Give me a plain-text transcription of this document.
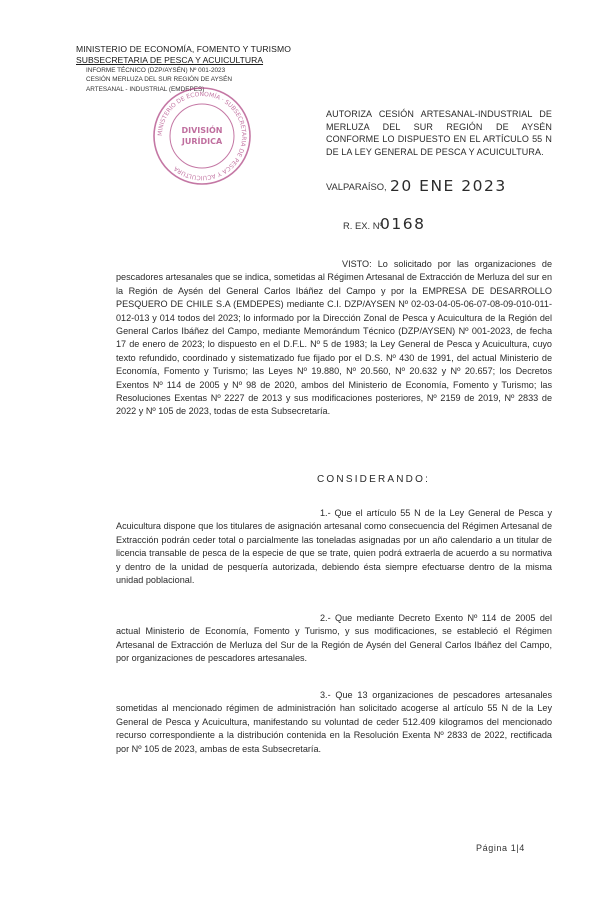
MINISTERIO DE ECONOMÍA, FOMENTO Y TURISMO
SUBSECRETARIA DE PESCA Y ACUICULTURA
INFORME TÉCNICO (DZP/AYSÉN) Nº 001-2023
CESIÓN MERLUZA DEL SUR REGIÓN DE AYSÉN
ARTESANAL - INDUSTRIAL (EMDEPES)
MINISTERIO DE ECONOMÍA · SUBSECRETARIA DE PESCA Y ACUICULTURA
DIVISIÓN
JURÍDICA
AUTORIZA CESIÓN ARTESANAL-INDUSTRIAL DE MERLUZA DEL SUR REGIÓN DE AYSÉN CONFORME LO DISPUESTO EN EL ARTÍCULO 55 N DE LA LEY GENERAL DE PESCA Y ACUICULTURA.
VALPARAÍSO, 20 ENE 2023
R. EX. Nº
0168
VISTO: Lo solicitado por las organizaciones de pescadores artesanales que se indica, sometidas al Régimen Artesanal de Extracción de Merluza del sur en la Región de Aysén del General Carlos Ibáñez del Campo y por la EMPRESA DE DESARROLLO PESQUERO DE CHILE S.A (EMDEPES) mediante C.I. DZP/AYSEN Nº 02-03-04-05-06-07-08-09-010-011-012-013 y 014 todos del 2023; lo informado por la Dirección Zonal de Pesca y Acuicultura de la Región del General Carlos Ibáñez del Campo, mediante Memorándum Técnico (DZP/AYSEN) Nº 001-2023, de fecha 17 de enero de 2023; lo dispuesto en el D.F.L. Nº 5 de 1983; la Ley General de Pesca y Acuicultura, cuyo texto refundido, coordinado y sistematizado fue fijado por el D.S. Nº 430 de 1991, del actual Ministerio de Economía, Fomento y Turismo; las Leyes Nº 19.880, Nº 20.560, Nº 20.632 y Nº 20.657; los Decretos Exentos Nº 114 de 2005 y Nº 98 de 2020, ambos del Ministerio de Economía, Fomento y Turismo; las Resoluciones Exentas Nº 2227 de 2013 y sus modificaciones posteriores, Nº 2159 de 2019, Nº 2833 de 2022 y Nº 105 de 2023, todas de esta Subsecretaría.
CONSIDERANDO:
1.- Que el artículo 55 N de la Ley General de Pesca y Acuicultura dispone que los titulares de asignación artesanal como consecuencia del Régimen Artesanal de Extracción podrán ceder total o parcialmente las toneladas asignadas por un año calendario a un titular de licencia transable de pesca de la especie de que se trate, quien podrá extraerla de acuerdo a su normativa y dentro de la unidad de pesquería autorizada, debiendo ésta siempre efectuarse dentro de la misma unidad poblacional.
2.- Que mediante Decreto Exento Nº 114 de 2005 del actual Ministerio de Economía, Fomento y Turismo, y sus modificaciones, se estableció el Régimen Artesanal de Extracción de Merluza del Sur de la Región de Aysén del General Carlos Ibáñez del Campo, por organizaciones de pescadores artesanales.
3.- Que 13 organizaciones de pescadores artesanales sometidas al mencionado régimen de administración han solicitado acogerse al artículo 55 N de la Ley General de Pesca y Acuicultura, manifestando su voluntad de ceder 512.409 kilogramos del mencionado recurso correspondiente a la distribución contenida en la Resolución Exenta Nº 2833 de 2022, rectificada por Nº 105 de 2023, ambas de esta Subsecretaría.
Página 1|4
